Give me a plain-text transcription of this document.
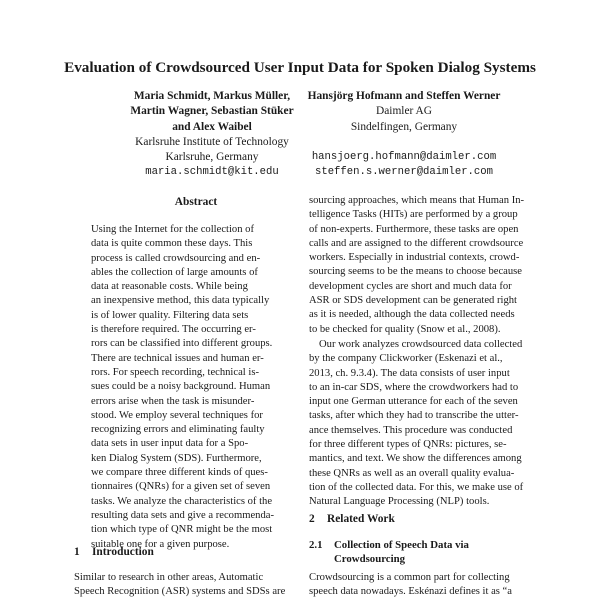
Evaluation of Crowdsourced User Input Data for Spoken Dialog Systems
Maria Schmidt, Markus Müller,
Martin Wagner, Sebastian Stüker
and Alex Waibel
Karlsruhe Institute of Technology
Karlsruhe, Germany
maria.schmidt@kit.edu
Hansjörg Hofmann and Steffen Werner
Daimler AG
Sindelfingen, Germany
hansjoerg.hofmann@daimler.com
steffen.s.werner@daimler.com
Abstract
Using the Internet for the collection of
data is quite common these days. This
process is called crowdsourcing and en-
ables the collection of large amounts of
data at reasonable costs. While being
an inexpensive method, this data typically
is of lower quality. Filtering data sets
is therefore required. The occurring er-
rors can be classified into different groups.
There are technical issues and human er-
rors. For speech recording, technical is-
sues could be a noisy background. Human
errors arise when the task is misunder-
stood. We employ several techniques for
recognizing errors and eliminating faulty
data sets in user input data for a Spo-
ken Dialog System (SDS). Furthermore,
we compare three different kinds of ques-
tionnaires (QNRs) for a given set of seven
tasks. We analyze the characteristics of the
resulting data sets and give a recommenda-
tion which type of QNR might be the most
suitable one for a given purpose.
1 Introduction
Similar to research in other areas, Automatic
Speech Recognition (ASR) systems and SDSs are
sourcing approaches, which means that Human In-
telligence Tasks (HITs) are performed by a group
of non-experts. Furthermore, these tasks are open
calls and are assigned to the different crowdsource
workers. Especially in industrial contexts, crowd-
sourcing seems to be the means to choose because
development cycles are short and much data for
ASR or SDS development can be generated right
as it is needed, although the data collected needs
to be checked for quality (Snow et al., 2008).
Our work analyzes crowdsourced data collected
by the company Clickworker (Eskenazi et al.,
2013, ch. 9.3.4). The data consists of user input
to an in-car SDS, where the crowdworkers had to
input one German utterance for each of the seven
tasks, after which they had to transcribe the utter-
ance themselves. This procedure was conducted
for three different types of QNRs: pictures, se-
mantics, and text. We show the differences among
these QNRs as well as an overall quality evalua-
tion of the collected data. For this, we make use of
Natural Language Processing (NLP) tools.
2 Related Work
2.1 Collection of Speech Data via
Crowdsourcing
Crowdsourcing is a common part for collecting
speech data nowadays. Eskénazi defines it as “a
